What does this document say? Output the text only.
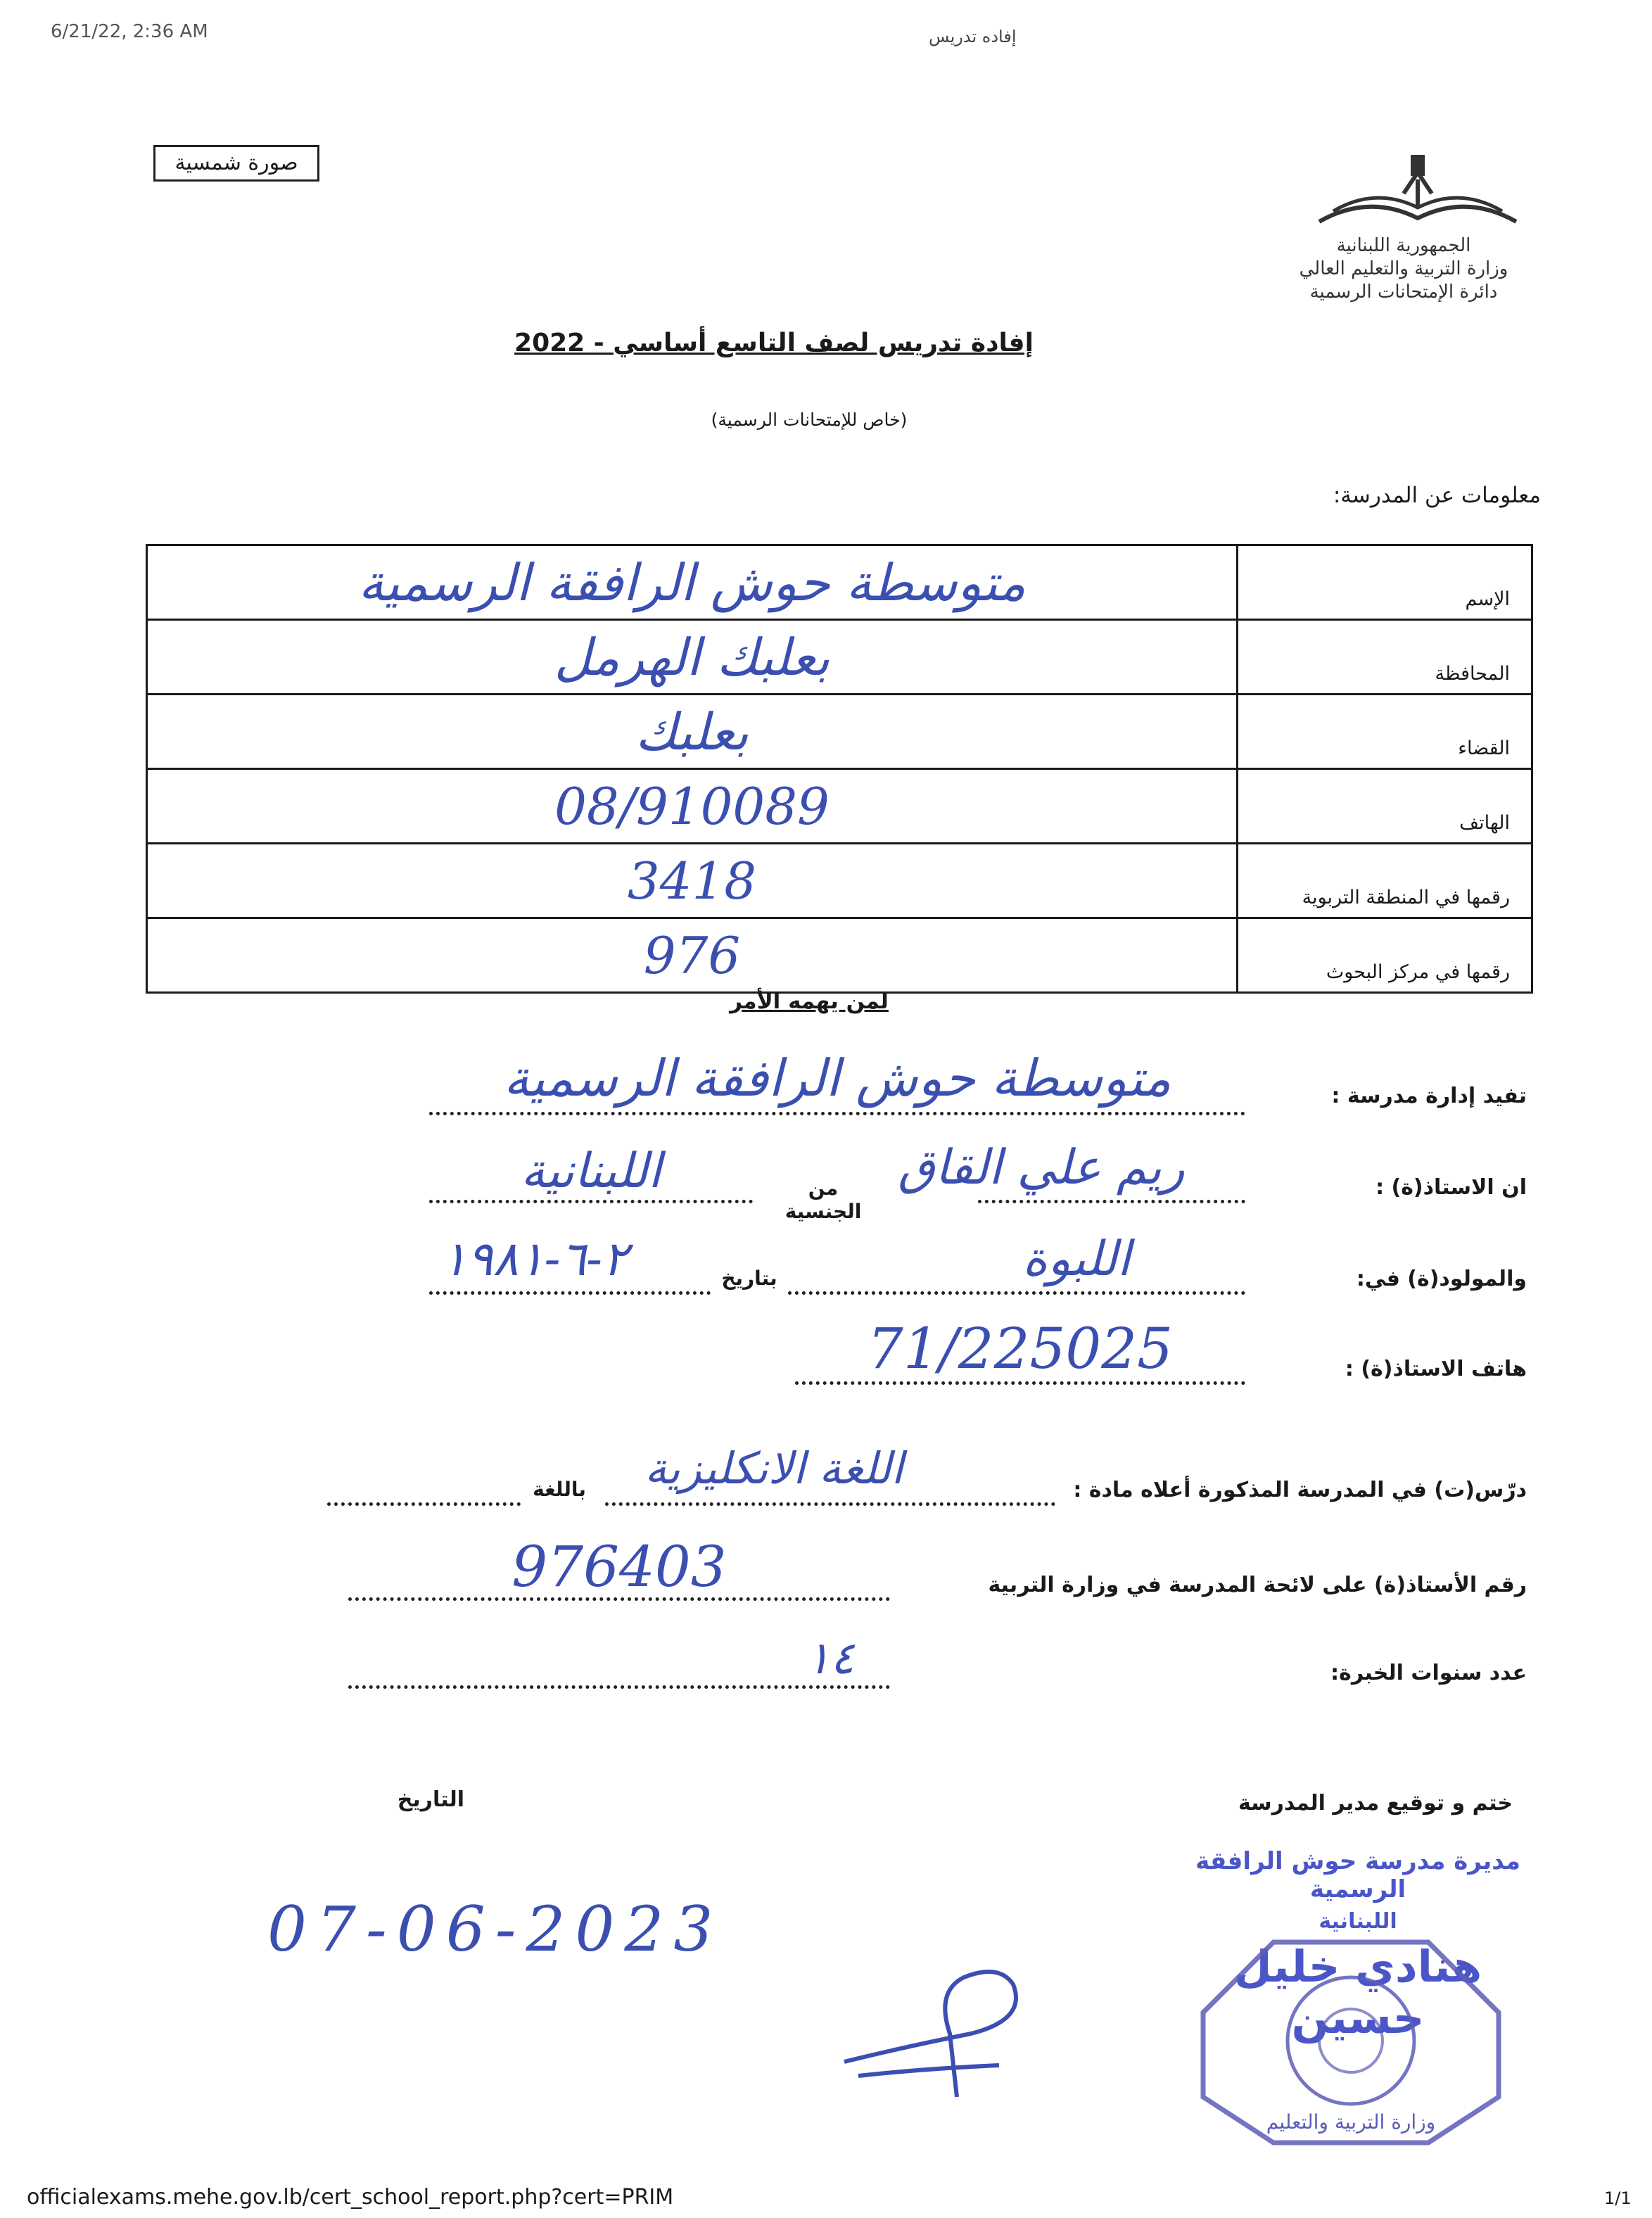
6/21/22, 2:36 AM	إفاده تدريس
صورة شمسية
الجمهورية اللبنانية
وزارة التربية والتعليم العالي
دائرة الإمتحانات الرسمية
إفادة تدريس لصف التاسع أساسي - 2022
(خاص للإمتحانات الرسمية)
معلومات عن المدرسة:
متوسطة حوش الرافقة الرسمية	الإسم
بعلبك الهرمل	المحافظة
بعلبك	القضاء
08/910089	الهاتف
3418	رقمها في المنطقة التربوية
976	رقمها في مركز البحوث
لمن يهمه الأمر
تفيد إدارة مدرسة :
متوسطة حوش الرافقة الرسمية
ان الاستاذ(ة) :
ريم علي القاق
من الجنسية
اللبنانية
والمولود(ة) في:
اللبوة
بتاريخ
٢-٦-١٩٨١
هاتف الاستاذ(ة) :
71/225025
درّس(ت) في المدرسة المذكورة أعلاه مادة :
اللغة الانكليزية
باللغة
رقم الأستاذ(ة) على لائحة المدرسة في وزارة التربية
976403
عدد سنوات الخبرة:
١٤
ختم و توقيع مدير المدرسة
التاريخ
07-06-2023
مديرة مدرسة حوش الرافقة الرسمية
اللبنانية
هنادي خليل حسين
وزارة التربية والتعليم
officialexams.mehe.gov.lb/cert_school_report.php?cert=PRIM	1/1
